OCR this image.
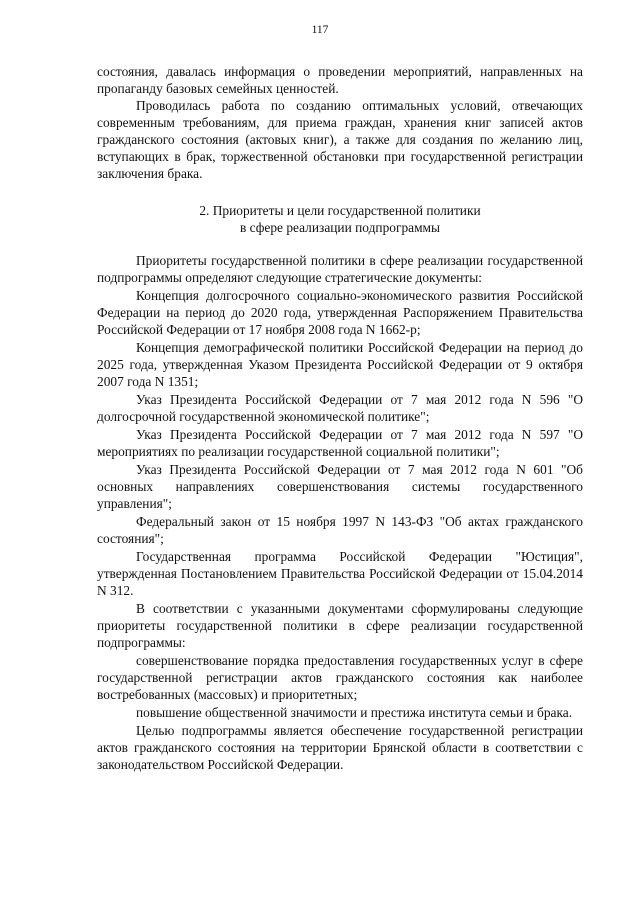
117

состояния, давалась информация о проведении мероприятий, направленных на пропаганду базовых семейных ценностей.

Проводилась работа по созданию оптимальных условий, отвечающих современным требованиям, для приема граждан, хранения книг записей актов гражданского состояния (актовых книг), а также для создания по желанию лиц, вступающих в брак, торжественной обстановки при государственной регистрации заключения брака.

2. Приоритеты и цели государственной политики
в сфере реализации подпрограммы

Приоритеты государственной политики в сфере реализации государственной подпрограммы определяют следующие стратегические документы:

Концепция долгосрочного социально-экономического развития Российской Федерации на период до 2020 года, утвержденная Распоряжением Правительства Российской Федерации от 17 ноября 2008 года N 1662-р;

Концепция демографической политики Российской Федерации на период до 2025 года, утвержденная Указом Президента Российской Федерации от 9 октября 2007 года N 1351;

Указ Президента Российской Федерации от 7 мая 2012 года N 596 "О долгосрочной государственной экономической политике";

Указ Президента Российской Федерации от 7 мая 2012 года N 597 "О мероприятиях по реализации государственной социальной политики";

Указ Президента Российской Федерации от 7 мая 2012 года N 601 "Об основных направлениях совершенствования системы государственного управления";

Федеральный закон от 15 ноября 1997 N 143-ФЗ "Об актах гражданского состояния";

Государственная программа Российской Федерации "Юстиция", утвержденная Постановлением Правительства Российской Федерации от 15.04.2014 N 312.

В соответствии с указанными документами сформулированы следующие приоритеты государственной политики в сфере реализации государственной подпрограммы:

совершенствование порядка предоставления государственных услуг в сфере государственной регистрации актов гражданского состояния как наиболее востребованных (массовых) и приоритетных;

повышение общественной значимости и престижа института семьи и брака.

Целью подпрограммы является обеспечение государственной регистрации актов гражданского состояния на территории Брянской области в соответствии с законодательством Российской Федерации.
